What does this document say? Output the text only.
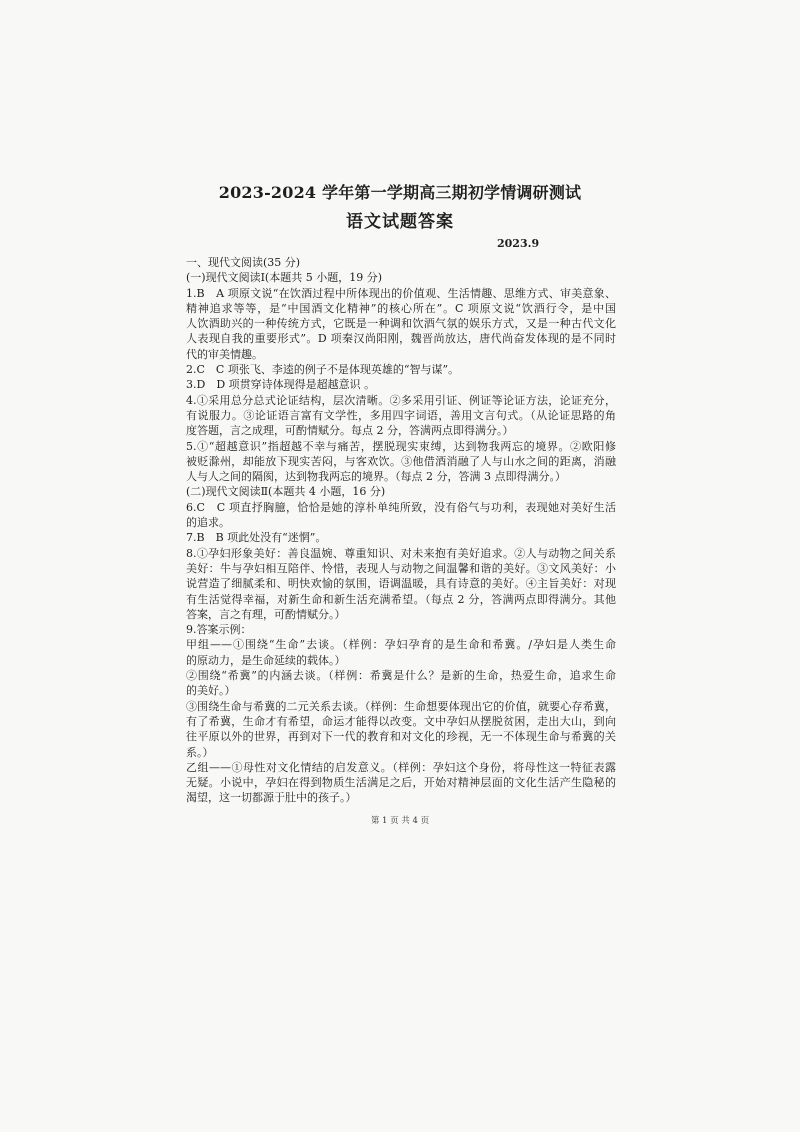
2023-2024 学年第一学期高三期初学情调研测试
语文试题答案
2023.9
一、现代文阅读(35 分)
(一)现代文阅读Ⅰ(本题共 5 小题，19 分)
1.B　A 项原文说“在饮酒过程中所体现出的价值观、生活情趣、思维方式、审美意象、
精神追求等等，是“中国酒文化精神”的核心所在”。C 项原文说“饮酒行令，是中国
人饮酒助兴的一种传统方式，它既是一种调和饮酒气氛的娱乐方式，又是一种古代文化
人表现自我的重要形式”。D 项秦汉尚阳刚，魏晋尚放达，唐代尚奋发体现的是不同时
代的审美情趣。
2.C　C 项张飞、李逵的例子不是体现英雄的“智与谋”。
3.D　D 项贯穿诗体现得是超越意识 。
4.①采用总分总式论证结构，层次清晰。②多采用引证、例证等论证方法，论证充分，
有说服力。③论证语言富有文学性，多用四字词语，善用文言句式。（从论证思路的角
度答题，言之成理，可酌情赋分。每点 2 分，答满两点即得满分。）
5.①“超越意识”指超越不幸与痛苦，摆脱现实束缚，达到物我两忘的境界。②欧阳修
被贬滁州，却能放下现实苦闷，与客欢饮。③他借酒消融了人与山水之间的距离，消融
人与人之间的隔阂，达到物我两忘的境界。（每点 2 分，答满 3 点即得满分。）
(二)现代文阅读Ⅱ(本题共 4 小题，16 分)
6.C　C 项直抒胸臆，恰恰是她的淳朴单纯所致，没有俗气与功利，表现她对美好生活
的追求。
7.B　B 项此处没有“迷惘”。
8.①孕妇形象美好：善良温婉、尊重知识、对未来抱有美好追求。②人与动物之间关系
美好：牛与孕妇相互陪伴、怜惜，表现人与动物之间温馨和谐的美好。③文风美好：小
说营造了细腻柔和、明快欢愉的氛围，语调温暖，具有诗意的美好。④主旨美好：对现
有生活觉得幸福，对新生命和新生活充满希望。（每点 2 分，答满两点即得满分。其他
答案，言之有理，可酌情赋分。）
9.答案示例：
甲组——①围绕“生命”去谈。（样例：孕妇孕育的是生命和希冀。/孕妇是人类生命
的原动力，是生命延续的载体。）
②围绕“希冀”的内涵去谈。（样例：希冀是什么？是新的生命，热爱生命，追求生命
的美好。）
③围绕生命与希冀的二元关系去谈。（样例：生命想要体现出它的价值，就要心存希冀，
有了希冀，生命才有希望，命运才能得以改变。文中孕妇从摆脱贫困，走出大山，到向
往平原以外的世界，再到对下一代的教育和对文化的珍视，无一不体现生命与希冀的关
系。）
乙组——①母性对文化情结的启发意义。（样例：孕妇这个身份，将母性这一特征表露
无疑。小说中，孕妇在得到物质生活满足之后，开始对精神层面的文化生活产生隐秘的
渴望，这一切都源于肚中的孩子。）
第 1 页 共 4 页
